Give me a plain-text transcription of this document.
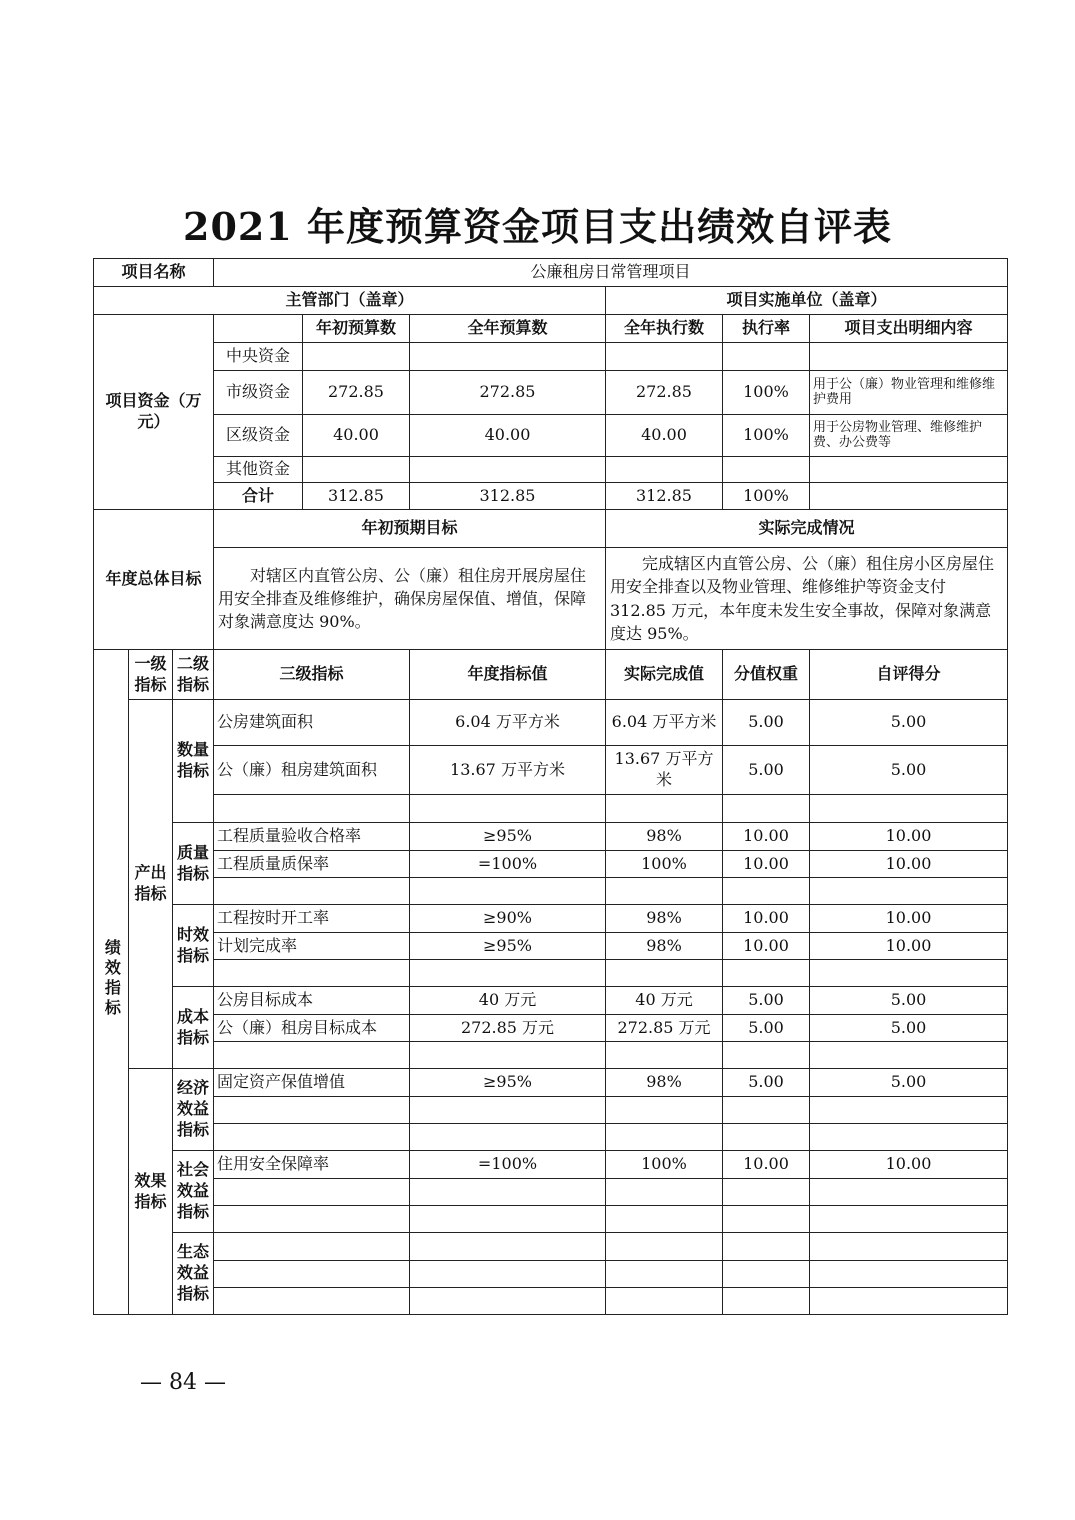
2021 年度预算资金项目支出绩效自评表
项目名称			公廉租房日常管理项目					
主管部门（盖章）						项目实施单位（盖章）		
项目资金（万元）				年初预算数	全年预算数	全年执行数	执行率	项目支出明细内容
			中央资金					
			市级资金	272.85	272.85	272.85	100%	用于公（廉）物业管理和维修维护费用
			区级资金	40.00	40.00	40.00	100%	用于公房物业管理、维修维护费、办公费等
			其他资金					
			合计	312.85	312.85	312.85	100%	
年度总体目标			年初预期目标			实际完成情况		
			对辖区内直管公房、公（廉）租住房开展房屋住用安全排查及维修维护，确保房屋保值、增值，保障对象满意度达 90%。			完成辖区内直管公房、公（廉）租住房小区房屋住用安全排查以及物业管理、维修维护等资金支付 312.85 万元，本年度未发生安全事故，保障对象满意度达 95%。		
绩效指标	一级指标	二级指标	三级指标		年度指标值	实际完成值	分值权重	自评得分
	产出指标	数量指标	公房建筑面积		6.04 万平方米	6.04 万平方米	5.00	5.00
			公（廉）租房建筑面积		13.67 万平方米	13.67 万平方米	5.00	5.00

		质量指标	工程质量验收合格率		≥95%	98%	10.00	10.00
			工程质量质保率		=100%	100%	10.00	10.00

		时效指标	工程按时开工率		≥90%	98%	10.00	10.00
			计划完成率		≥95%	98%	10.00	10.00

		成本指标	公房目标成本		40 万元	40 万元	5.00	5.00
			公（廉）租房目标成本		272.85 万元	272.85 万元	5.00	5.00

	效果指标	经济效益指标	固定资产保值增值		≥95%	98%	5.00	5.00

		社会效益指标	住用安全保障率		=100%	100%	10.00	10.00

		生态效益指标						

— 84 —
